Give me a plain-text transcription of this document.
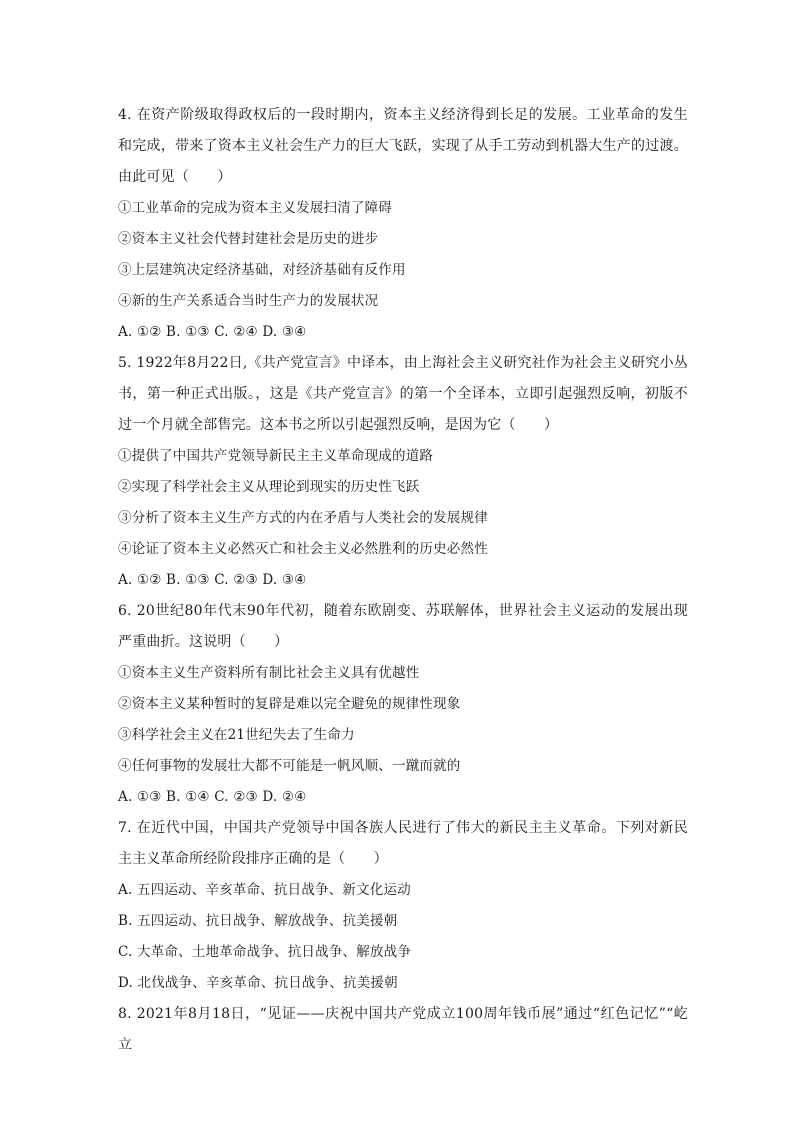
4. 在资产阶级取得政权后的一段时期内，资本主义经济得到长足的发展。工业革命的发生和完成，带来了资本主义社会生产力的巨大飞跃，实现了从手工劳动到机器大生产的过渡。由此可见（　　）

①工业革命的完成为资本主义发展扫清了障碍

②资本主义社会代替封建社会是历史的进步

③上层建筑决定经济基础，对经济基础有反作用

④新的生产关系适合当时生产力的发展状况

A. ①② B. ①③ C. ②④ D. ③④

5. 1922年8月22日,《共产党宣言》中译本，由上海社会主义研究社作为社会主义研究小丛书，第一种正式出版。，这是《共产党宣言》的第一个全译本，立即引起强烈反响，初版不过一个月就全部售完。这本书之所以引起强烈反响，是因为它（　　）

①提供了中国共产党领导新民主主义革命现成的道路

②实现了科学社会主义从理论到现实的历史性飞跃

③分析了资本主义生产方式的内在矛盾与人类社会的发展规律

④论证了资本主义必然灭亡和社会主义必然胜利的历史必然性

A. ①② B. ①③ C. ②③ D. ③④

6. 20世纪80年代末90年代初，随着东欧剧变、苏联解体，世界社会主义运动的发展出现严重曲折。这说明（　　）

①资本主义生产资料所有制比社会主义具有优越性

②资本主义某种暂时的复辟是难以完全避免的规律性现象

③科学社会主义在21世纪失去了生命力

④任何事物的发展壮大都不可能是一帆风顺、一蹴而就的

A. ①③ B. ①④ C. ②③ D. ②④

7. 在近代中国，中国共产党领导中国各族人民进行了伟大的新民主主义革命。下列对新民主主义革命所经阶段排序正确的是（　　）

A. 五四运动、辛亥革命、抗日战争、新文化运动

B. 五四运动、抗日战争、解放战争、抗美援朝

C. 大革命、土地革命战争、抗日战争、解放战争

D. 北伐战争、辛亥革命、抗日战争、抗美援朝

8. 2021年8月18日，“见证——庆祝中国共产党成立100周年钱币展”通过“红色记忆”“屹立
